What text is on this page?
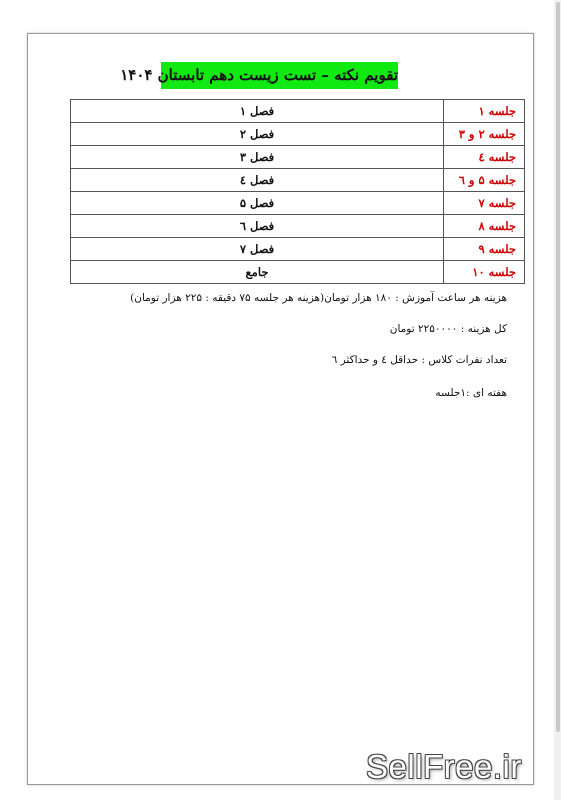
تقویم نکته – تست زیست دهم تابستان ۱۴۰۴
جلسه ۱	فصل ۱
جلسه ۲ و ۳	فصل ۲
جلسه ٤	فصل ۳
جلسه ۵ و ٦	فصل ٤
جلسه ۷	فصل ۵
جلسه ۸	فصل ٦
جلسه ۹	فصل ۷
جلسه ۱۰	جامع
هزینه هر ساعت آموزش : ۱۸۰ هزار تومان(هزینه هر جلسه ۷۵ دقیقه : ۲۲۵ هزار تومان)
کل هزینه : ۲۲۵۰۰۰۰ تومان
تعداد نفرات کلاس : حداقل ٤ و حداکثر ٦
هفته ای :۱جلسه
SellFree.ir
